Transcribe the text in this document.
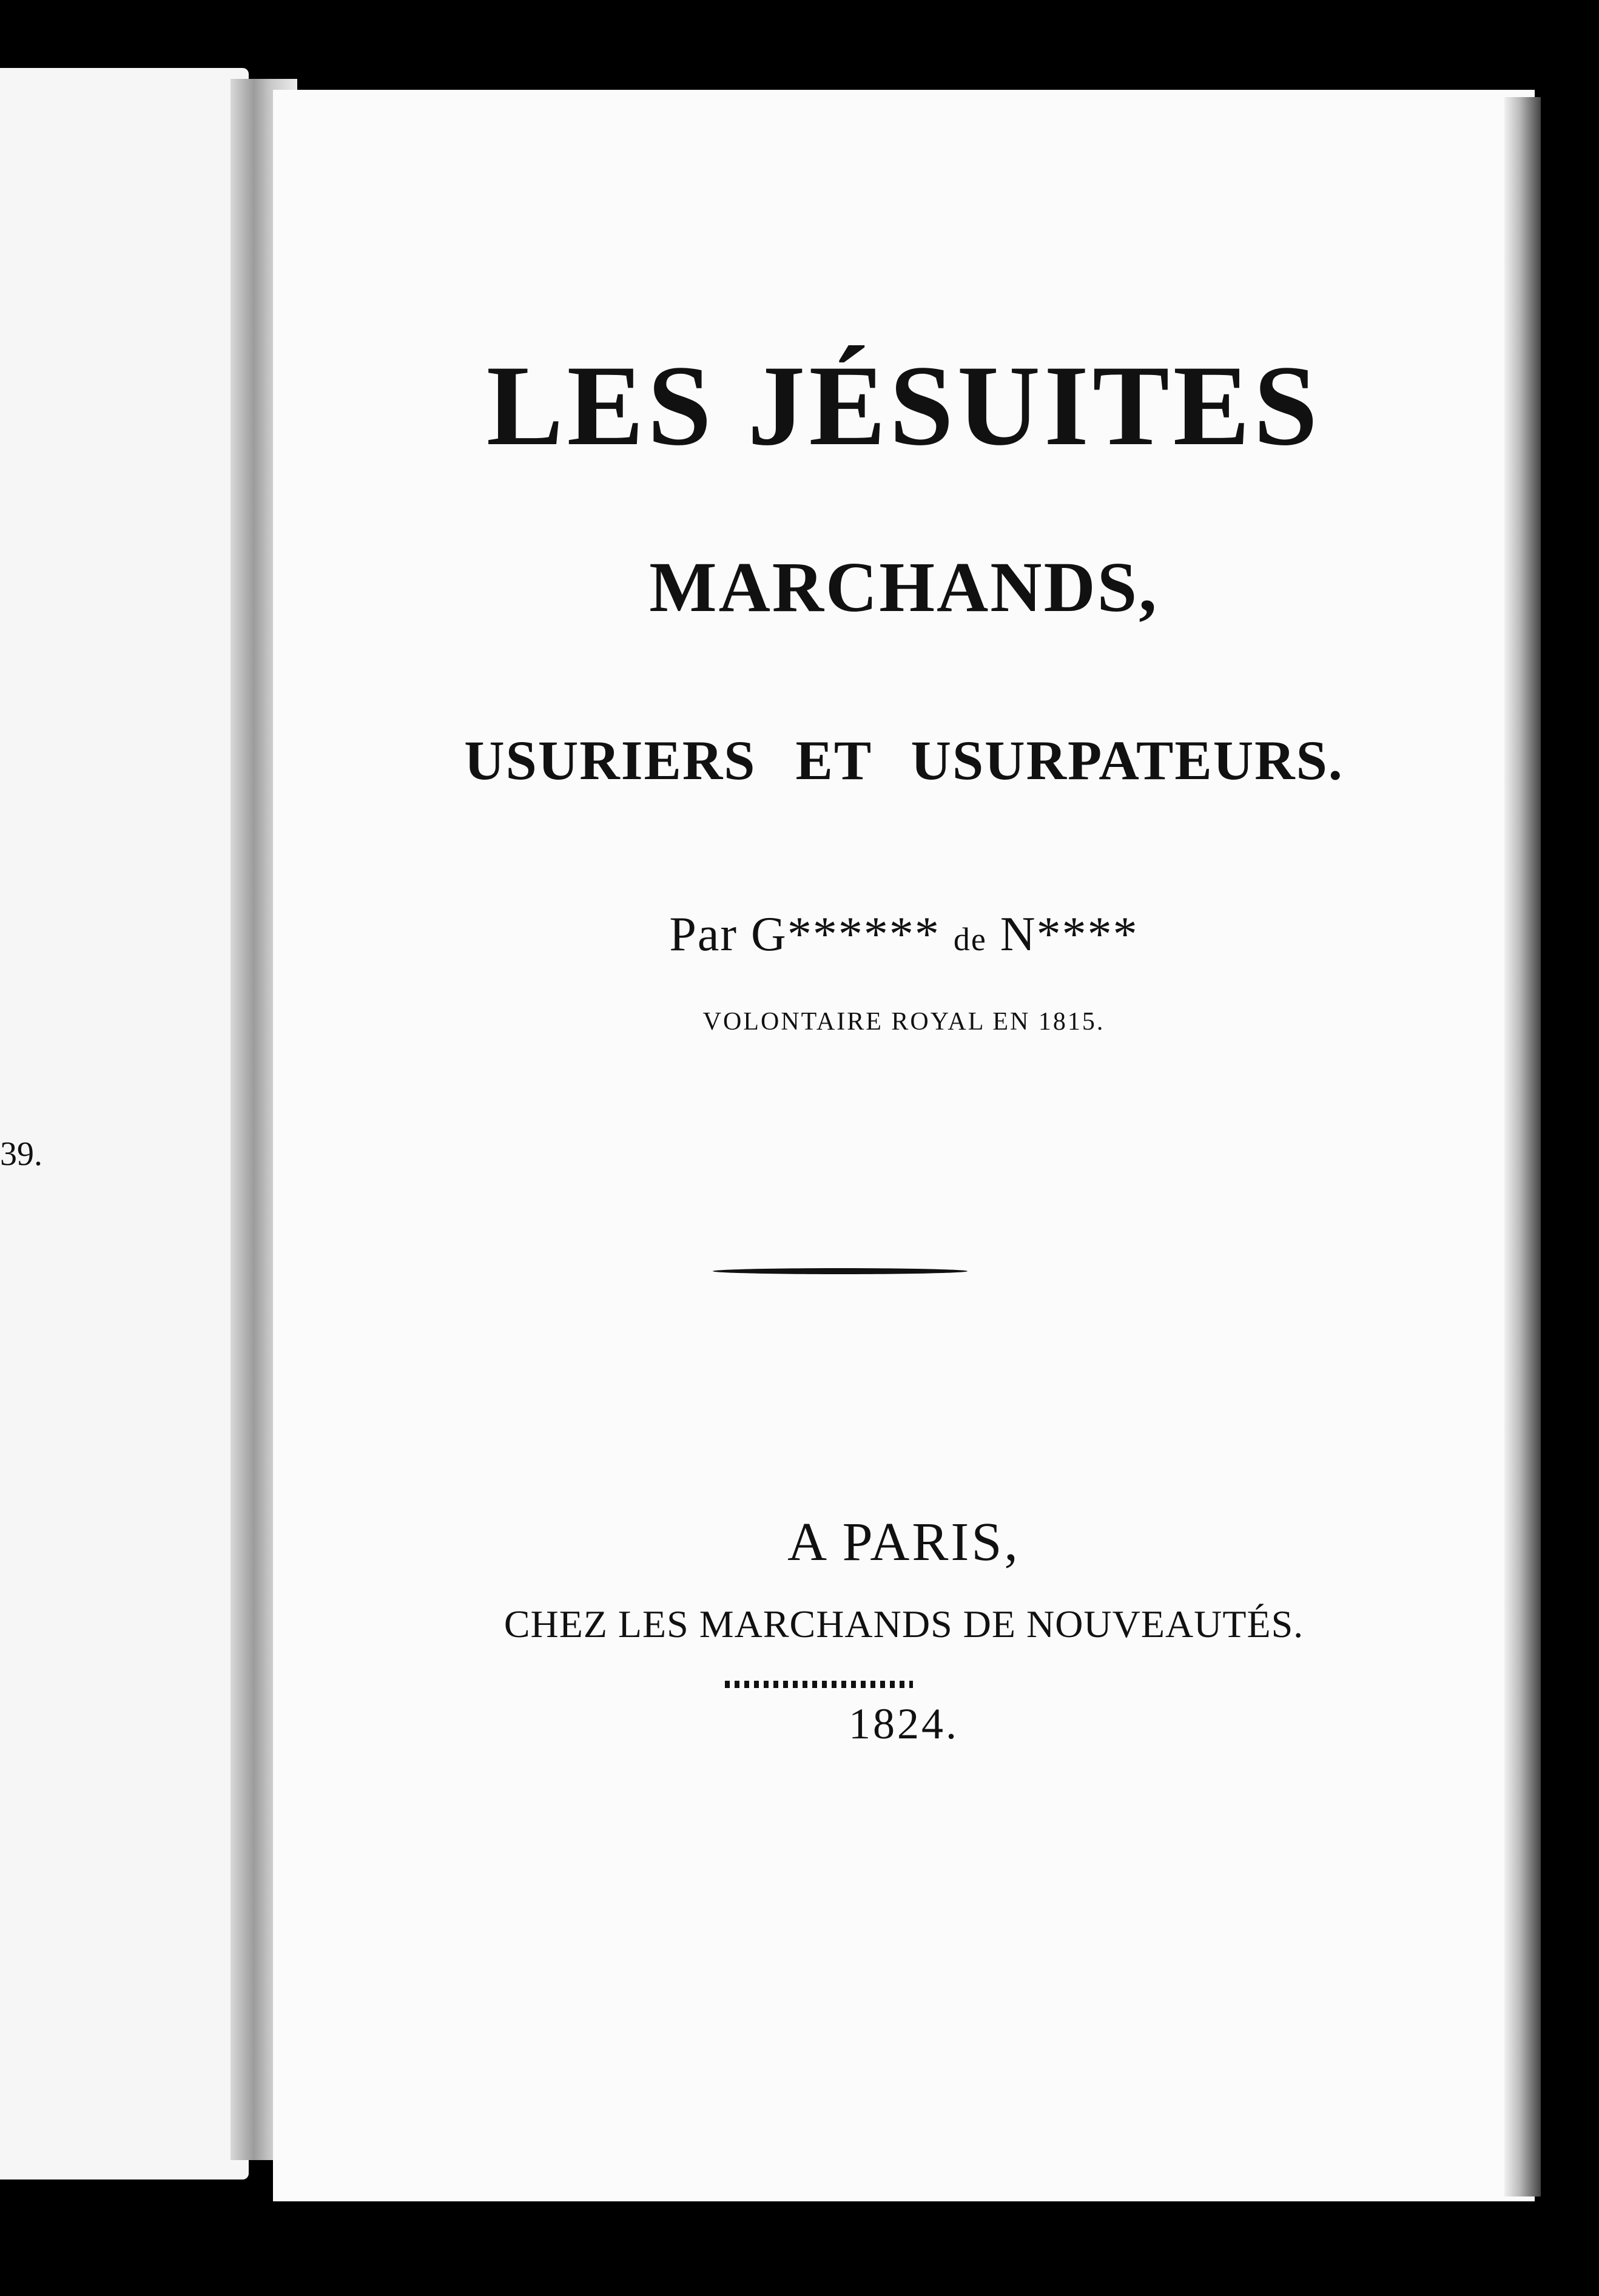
39.
LES JÉSUITES
MARCHANDS,
USURIERS ET USURPATEURS.
Par G****** de N****
VOLONTAIRE ROYAL EN 1815.
A PARIS,
CHEZ LES MARCHANDS DE NOUVEAUTÉS.
1824.
